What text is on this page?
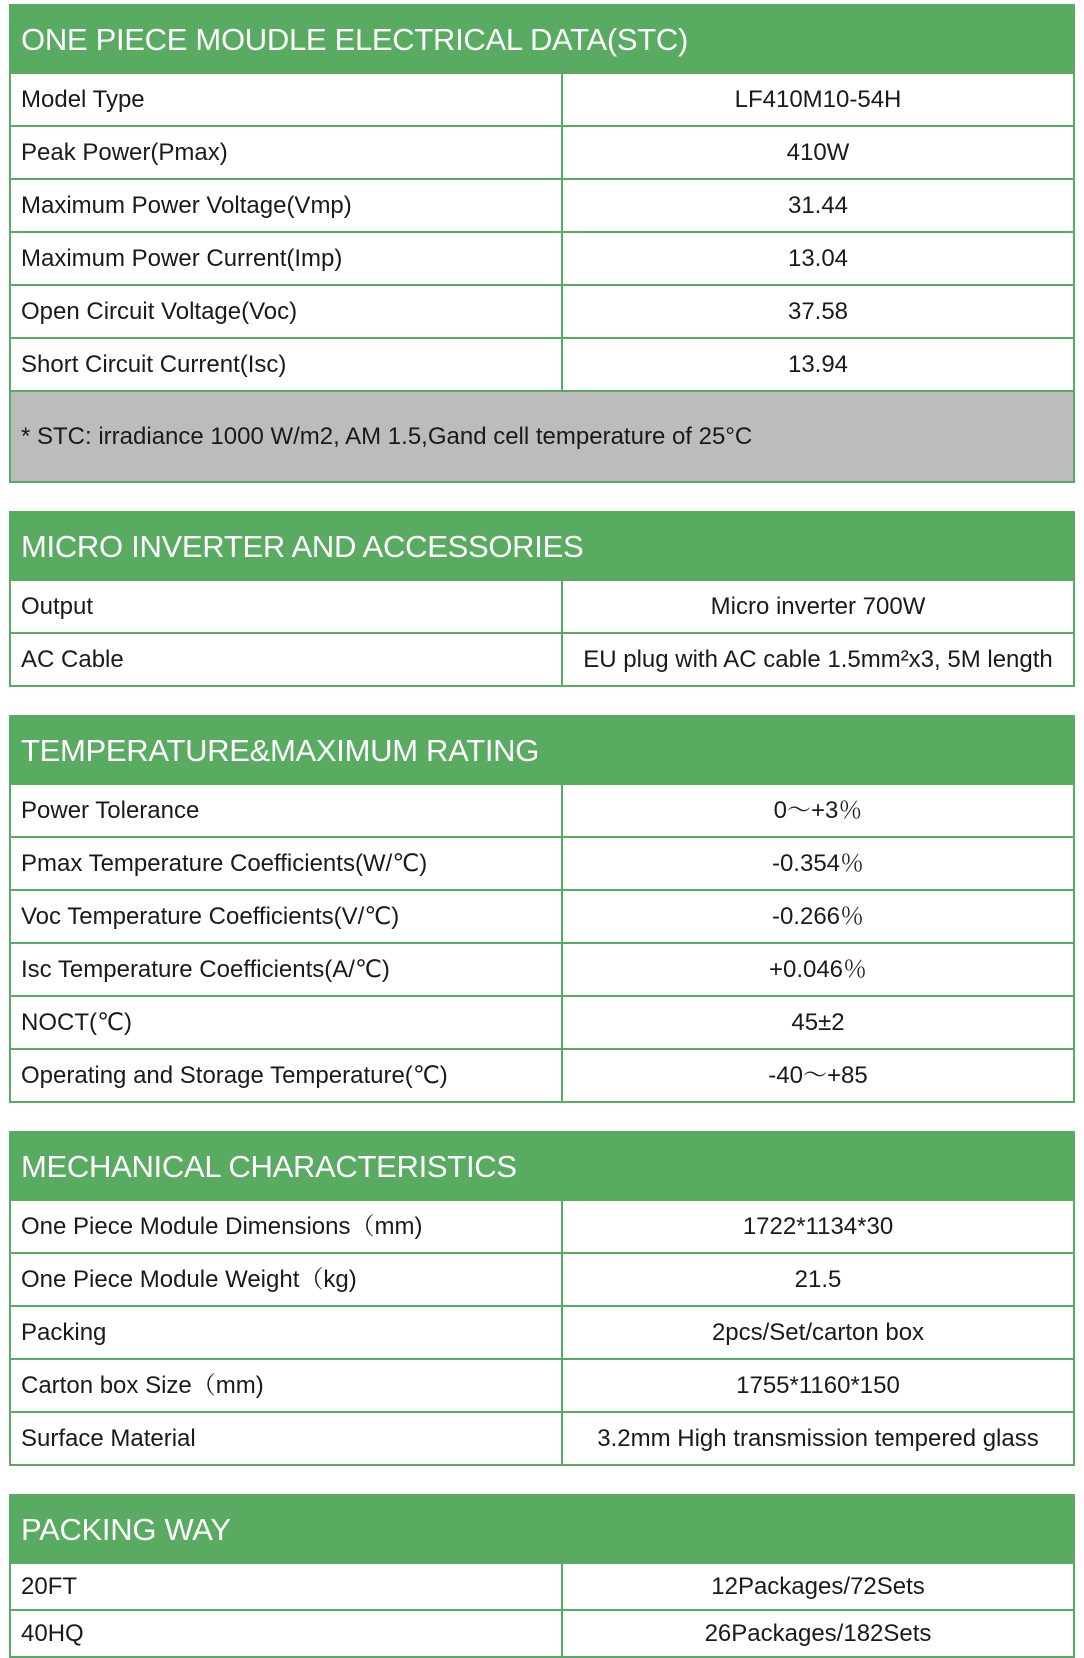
ONE PIECE MOUDLE ELECTRICAL DATA(STC)
Model Type	LF410M10-54H
Peak Power(Pmax)	410W
Maximum Power Voltage(Vmp)	31.44
Maximum Power Current(Imp)	13.04
Open Circuit Voltage(Voc)	37.58
Short Circuit Current(Isc)	13.94
* STC: irradiance 1000 W/m2, AM 1.5,Gand cell temperature of 25°C
MICRO INVERTER AND ACCESSORIES
Output	Micro inverter 700W
AC Cable	EU plug with AC cable 1.5mm²x3, 5M length
TEMPERATURE&MAXIMUM RATING
Power Tolerance	0～+3％
Pmax Temperature Coefficients(W/℃)	-0.354％
Voc Temperature Coefficients(V/℃)	-0.266％
Isc Temperature Coefficients(A/℃)	+0.046％
NOCT(℃)	45±2
Operating and Storage Temperature(℃)	-40～+85
MECHANICAL CHARACTERISTICS
One Piece Module Dimensions（mm)	1722*1134*30
One Piece Module Weight（kg)	21.5
Packing	2pcs/Set/carton box
Carton box Size（mm)	1755*1160*150
Surface Material	3.2mm High transmission tempered glass
PACKING WAY
20FT	12Packages/72Sets
40HQ	26Packages/182Sets
